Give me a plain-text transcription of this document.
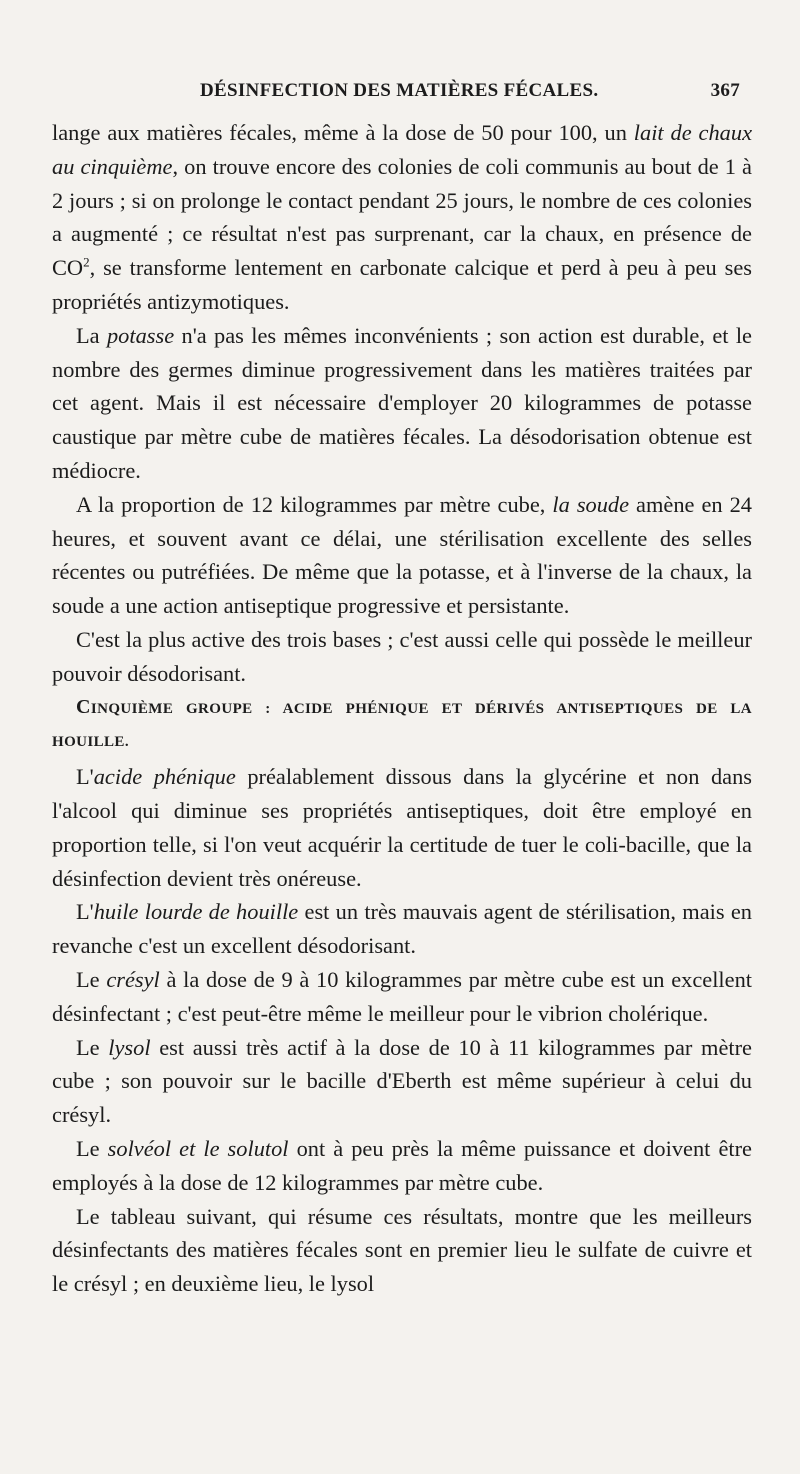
DÉSINFECTION DES MATIÈRES FÉCALES.	367

lange aux matières fécales, même à la dose de 50 pour 100, un lait de chaux au cinquième, on trouve encore des colonies de coli communis au bout de 1 à 2 jours ; si on prolonge le contact pendant 25 jours, le nombre de ces colonies a augmenté ; ce résultat n'est pas surprenant, car la chaux, en présence de $CO^2$, se transforme lentement en carbonate calcique et perd à peu à peu ses propriétés antizymotiques.

La potasse n'a pas les mêmes inconvénients ; son action est durable, et le nombre des germes diminue progressivement dans les matières traitées par cet agent. Mais il est nécessaire d'employer 20 kilogrammes de potasse caustique par mètre cube de matières fécales. La désodorisation obtenue est médiocre.

A la proportion de 12 kilogrammes par mètre cube, la soude amène en 24 heures, et souvent avant ce délai, une stérilisation excellente des selles récentes ou putréfiées. De même que la potasse, et à l'inverse de la chaux, la soude a une action antiseptique progressive et persistante.

C'est la plus active des trois bases ; c'est aussi celle qui possède le meilleur pouvoir désodorisant.

CINQUIÈME GROUPE : ACIDE PHÉNIQUE ET DÉRIVÉS ANTISEPTIQUES DE LA HOUILLE.

L'acide phénique préalablement dissous dans la glycérine et non dans l'alcool qui diminue ses propriétés antiseptiques, doit être employé en proportion telle, si l'on veut acquérir la certitude de tuer le coli-bacille, que la désinfection devient très onéreuse.

L'huile lourde de houille est un très mauvais agent de stérilisation, mais en revanche c'est un excellent désodorisant.

Le crésyl à la dose de 9 à 10 kilogrammes par mètre cube est un excellent désinfectant ; c'est peut-être même le meilleur pour le vibrion cholérique.

Le lysol est aussi très actif à la dose de 10 à 11 kilogrammes par mètre cube ; son pouvoir sur le bacille d'Eberth est même supérieur à celui du crésyl.

Le solvéol et le solutol ont à peu près la même puissance et doivent être employés à la dose de 12 kilogrammes par mètre cube.

Le tableau suivant, qui résume ces résultats, montre que les meilleurs désinfectants des matières fécales sont en premier lieu le sulfate de cuivre et le crésyl ; en deuxième lieu, le lysol
